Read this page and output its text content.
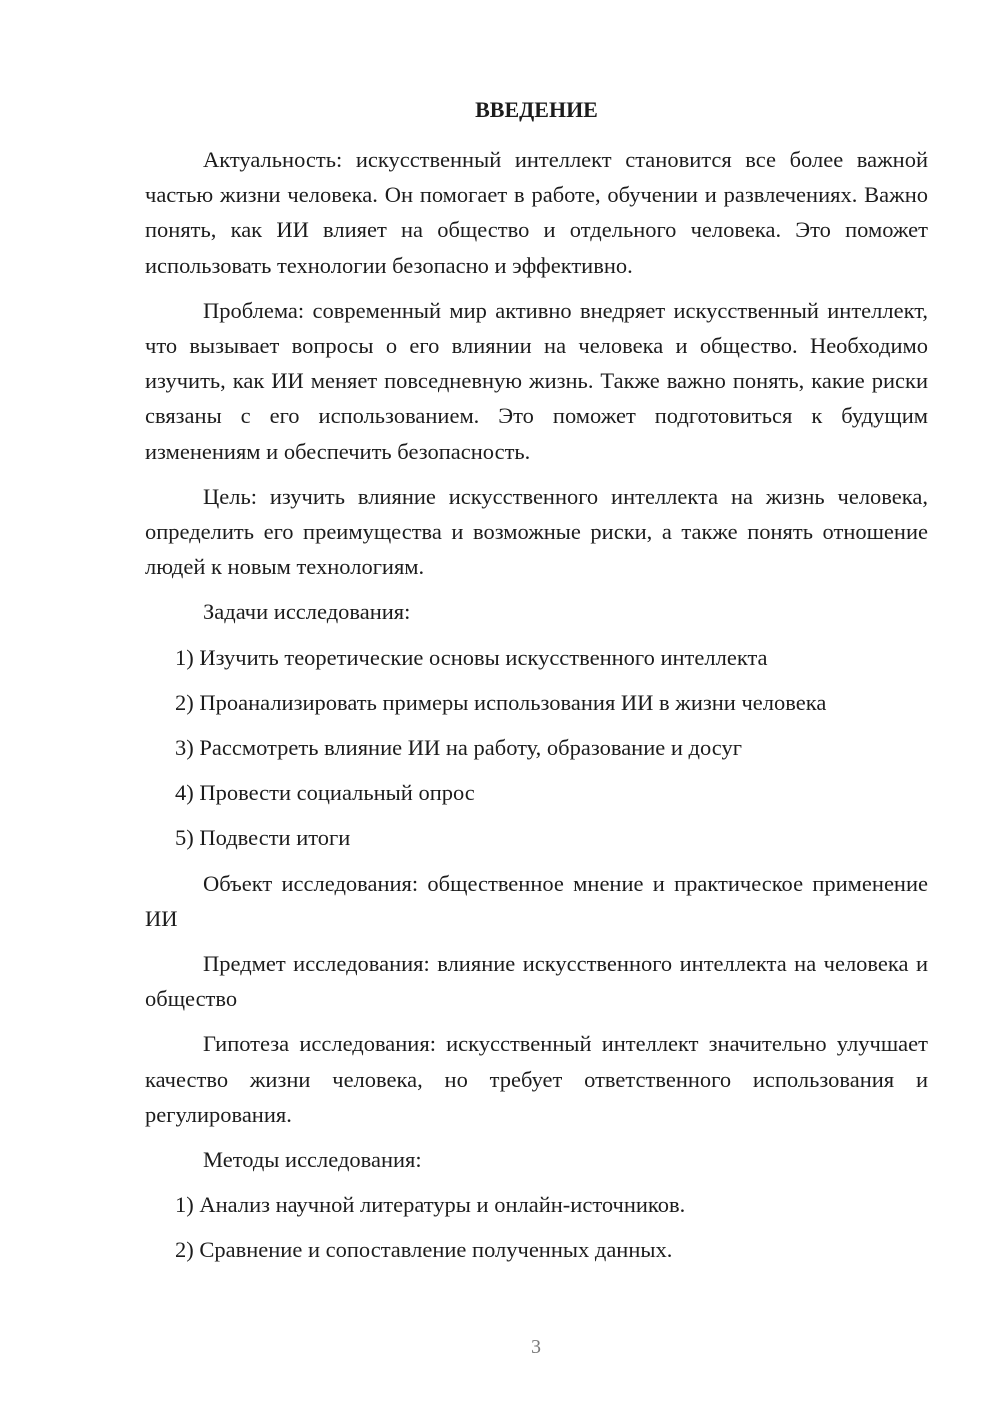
ВВЕДЕНИЕ

Актуальность: искусственный интеллект становится все более важной частью жизни человека. Он помогает в работе, обучении и развлечениях. Важно понять, как ИИ влияет на общество и отдельного человека. Это поможет использовать технологии безопасно и эффективно.

Проблема: современный мир активно внедряет искусственный интеллект, что вызывает вопросы о его влиянии на человека и общество. Необходимо изучить, как ИИ меняет повседневную жизнь. Также важно понять, какие риски связаны с его использованием. Это поможет подготовиться к будущим изменениям и обеспечить безопасность.

Цель: изучить влияние искусственного интеллекта на жизнь человека, определить его преимущества и возможные риски, а также понять отношение людей к новым технологиям.

Задачи исследования:

1) Изучить теоретические основы искусственного интеллекта
2) Проанализировать примеры использования ИИ в жизни человека
3) Рассмотреть влияние ИИ на работу, образование и досуг
4) Провести социальный опрос
5) Подвести итоги

Объект исследования: общественное мнение и практическое применение ИИ

Предмет исследования: влияние искусственного интеллекта на человека и общество

Гипотеза исследования: искусственный интеллект значительно улучшает качество жизни человека, но требует ответственного использования и регулирования.

Методы исследования:

1) Анализ научной литературы и онлайн-источников.
2) Сравнение и сопоставление полученных данных.
3
